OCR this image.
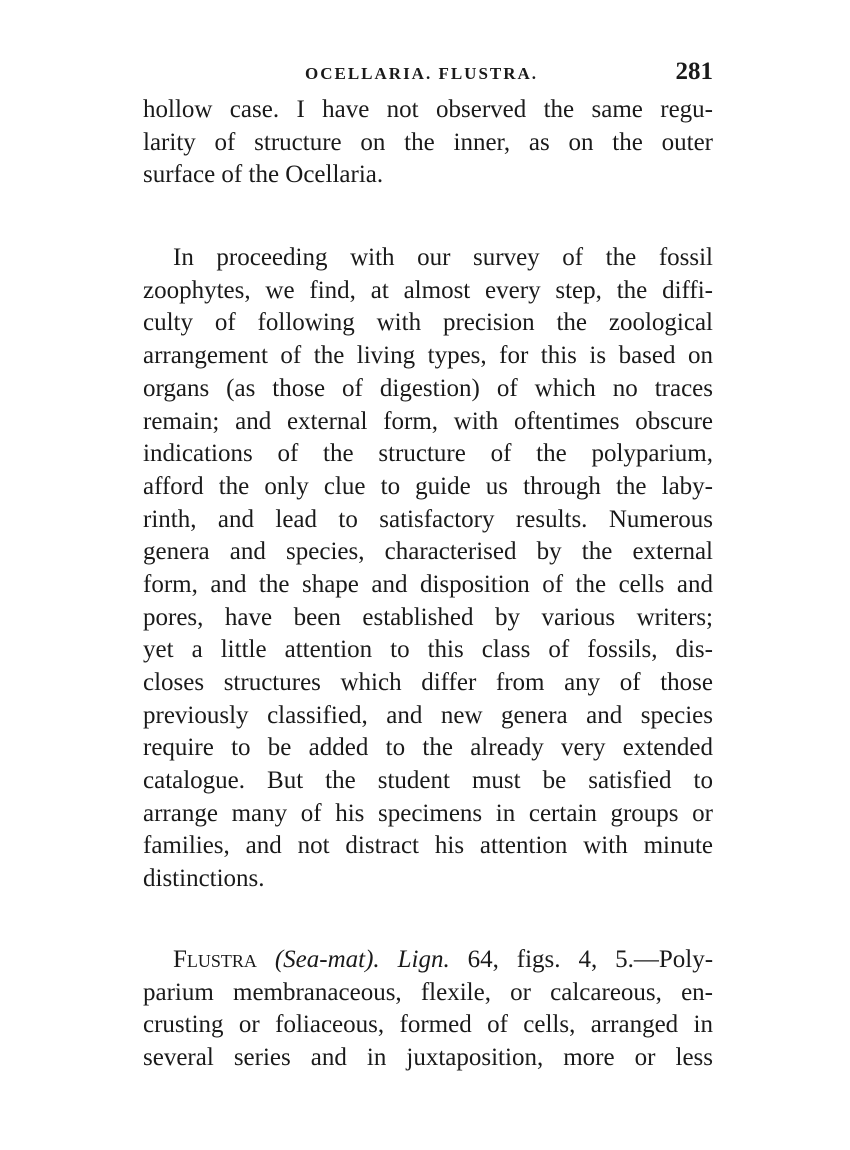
OCELLARIA. FLUSTRA.	281
hollow case. I have not observed the same regu-
larity of structure on the inner, as on the outer
surface of the Ocellaria.
In proceeding with our survey of the fossil
zoophytes, we find, at almost every step, the diffi-
culty of following with precision the zoological
arrangement of the living types, for this is based on
organs (as those of digestion) of which no traces
remain; and external form, with oftentimes obscure
indications of the structure of the polyparium,
afford the only clue to guide us through the laby-
rinth, and lead to satisfactory results. Numerous
genera and species, characterised by the external
form, and the shape and disposition of the cells and
pores, have been established by various writers;
yet a little attention to this class of fossils, dis-
closes structures which differ from any of those
previously classified, and new genera and species
require to be added to the already very extended
catalogue. But the student must be satisfied to
arrange many of his specimens in certain groups or
families, and not distract his attention with minute
distinctions.
Flustra (Sea-mat). Lign. 64, figs. 4, 5.—Poly-
parium membranaceous, flexile, or calcareous, en-
crusting or foliaceous, formed of cells, arranged in
several series and in juxtaposition, more or less
